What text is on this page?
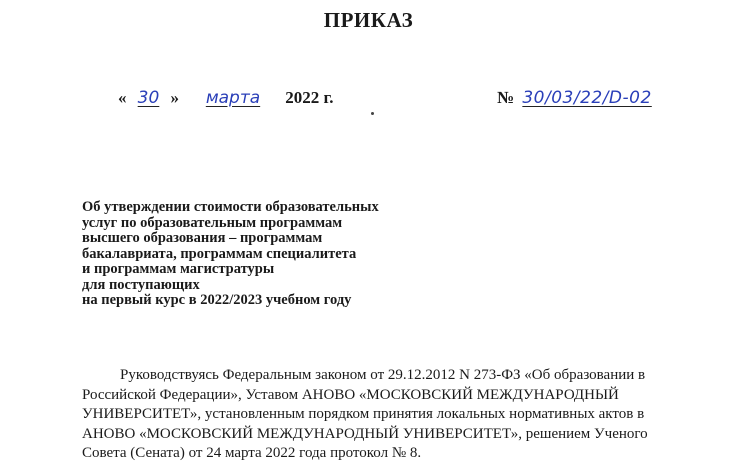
ПРИКАЗ
« 30 » марта 2022 г.	№ 30/03/22/D-02
Об утверждении стоимости образовательных
услуг по образовательным программам
высшего образования – программам
бакалавриата, программам специалитета
и программам магистратуры
для поступающих
на первый курс в 2022/2023 учебном году
Руководствуясь Федеральным законом от 29.12.2012 N 273-ФЗ «Об образовании в
Российской Федерации», Уставом АНОВО «МОСКОВСКИЙ МЕЖДУНАРОДНЫЙ
УНИВЕРСИТЕТ», установленным порядком принятия локальных нормативных актов в
АНОВО «МОСКОВСКИЙ МЕЖДУНАРОДНЫЙ УНИВЕРСИТЕТ», решением Ученого
Совета (Сената) от 24 марта 2022 года протокол № 8.
